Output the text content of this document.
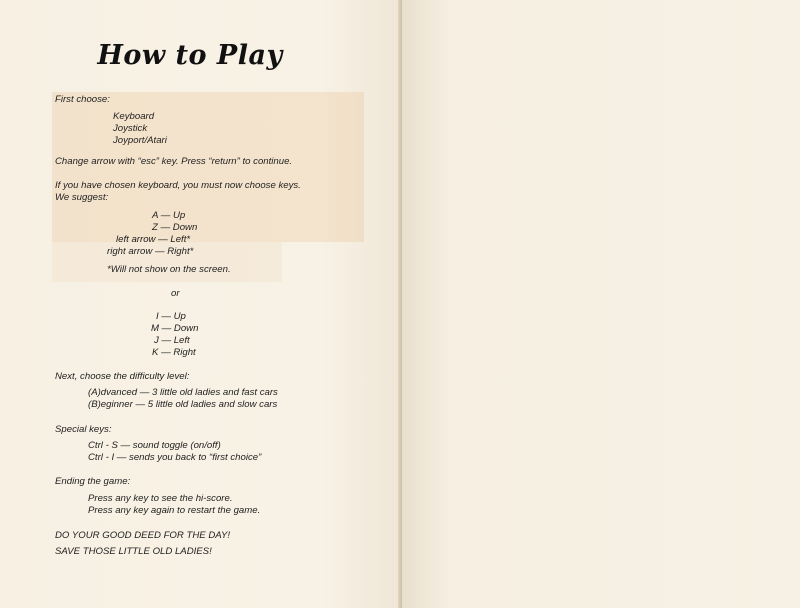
How to Play
First choose:
Keyboard
Joystick
Joyport/Atari
Change arrow with “esc” key. Press “return” to continue.
If you have chosen keyboard, you must now choose keys.
We suggest:
A — Up
Z — Down
left arrow — Left*
right arrow — Right*
*Will not show on the screen.
or
I — Up
M — Down
J — Left
K — Right
Next, choose the difficulty level:
(A)dvanced — 3 little old ladies and fast cars
(B)eginner — 5 little old ladies and slow cars
Special keys:
Ctrl - S — sound toggle (on/off)
Ctrl - I — sends you back to “first choice”
Ending the game:
Press any key to see the hi-score.
Press any key again to restart the game.
DO YOUR GOOD DEED FOR THE DAY!
SAVE THOSE LITTLE OLD LADIES!
